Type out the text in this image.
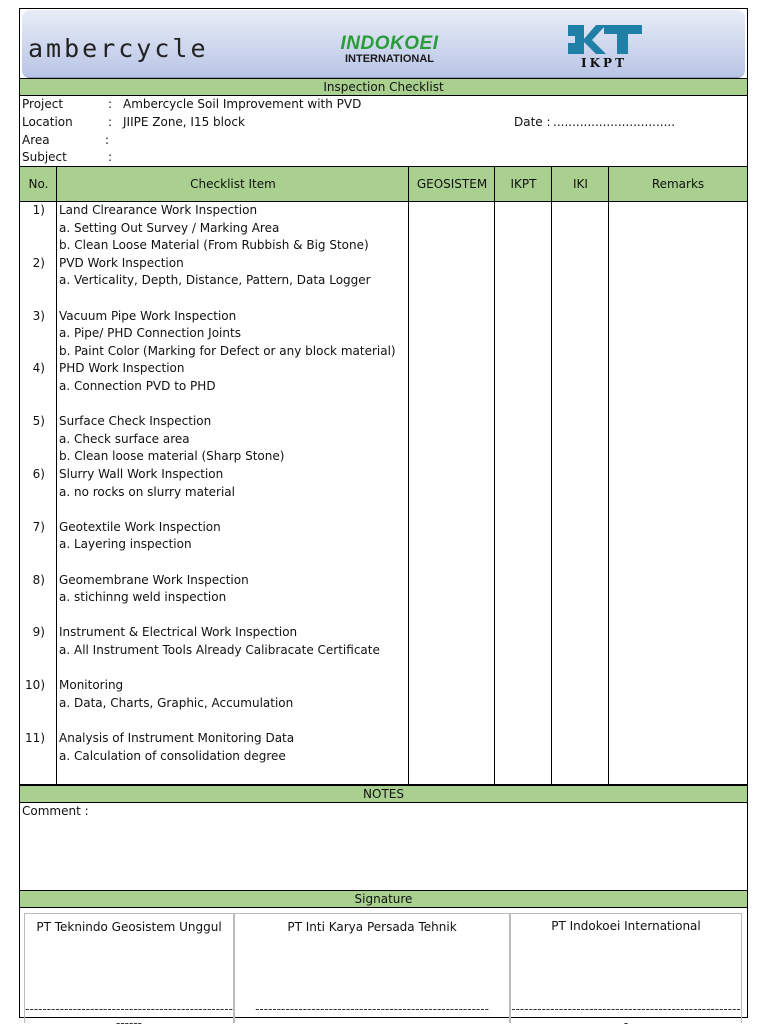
ambercycle	INDOKOEI
INTERNATIONAL	IKPT
Inspection Checklist
Project	: Ambercycle Soil Improvement with PVD
Location	: JIIPE Zone, I15 block	Date : ................................
Area	:
Subject	:
No.	Checklist Item	GEOSISTEM	IKPT	IKI	Remarks
1) Land Clrearance Work Inspection
a. Setting Out Survey / Marking Area
b. Clean Loose Material (From Rubbish & Big Stone)
2) PVD Work Inspection
a. Verticality, Depth, Distance, Pattern, Data Logger
3) Vacuum Pipe Work Inspection
a. Pipe/ PHD Connection Joints
b. Paint Color (Marking for Defect or any block material)
4) PHD Work Inspection
a. Connection PVD to PHD
5) Surface Check Inspection
a. Check surface area
b. Clean loose material (Sharp Stone)
6) Slurry Wall Work Inspection
a. no rocks on slurry material
7) Geotextile Work Inspection
a. Layering inspection
8) Geomembrane Work Inspection
a. stichinng weld inspection
9) Instrument & Electrical Work Inspection
a. All Instrument Tools Already Calibracate Certificate
10) Monitoring
a. Data, Charts, Graphic, Accumulation
11) Analysis of Instrument Monitoring Data
a. Calculation of consolidation degree
NOTES
Comment :
Signature
PT Teknindo Geosistem Unggul
------------------------------------------------------
PT Inti Karya Persada Tehnik
------------------------------------------------------
PT Indokoei International
------------------------------------------------------
